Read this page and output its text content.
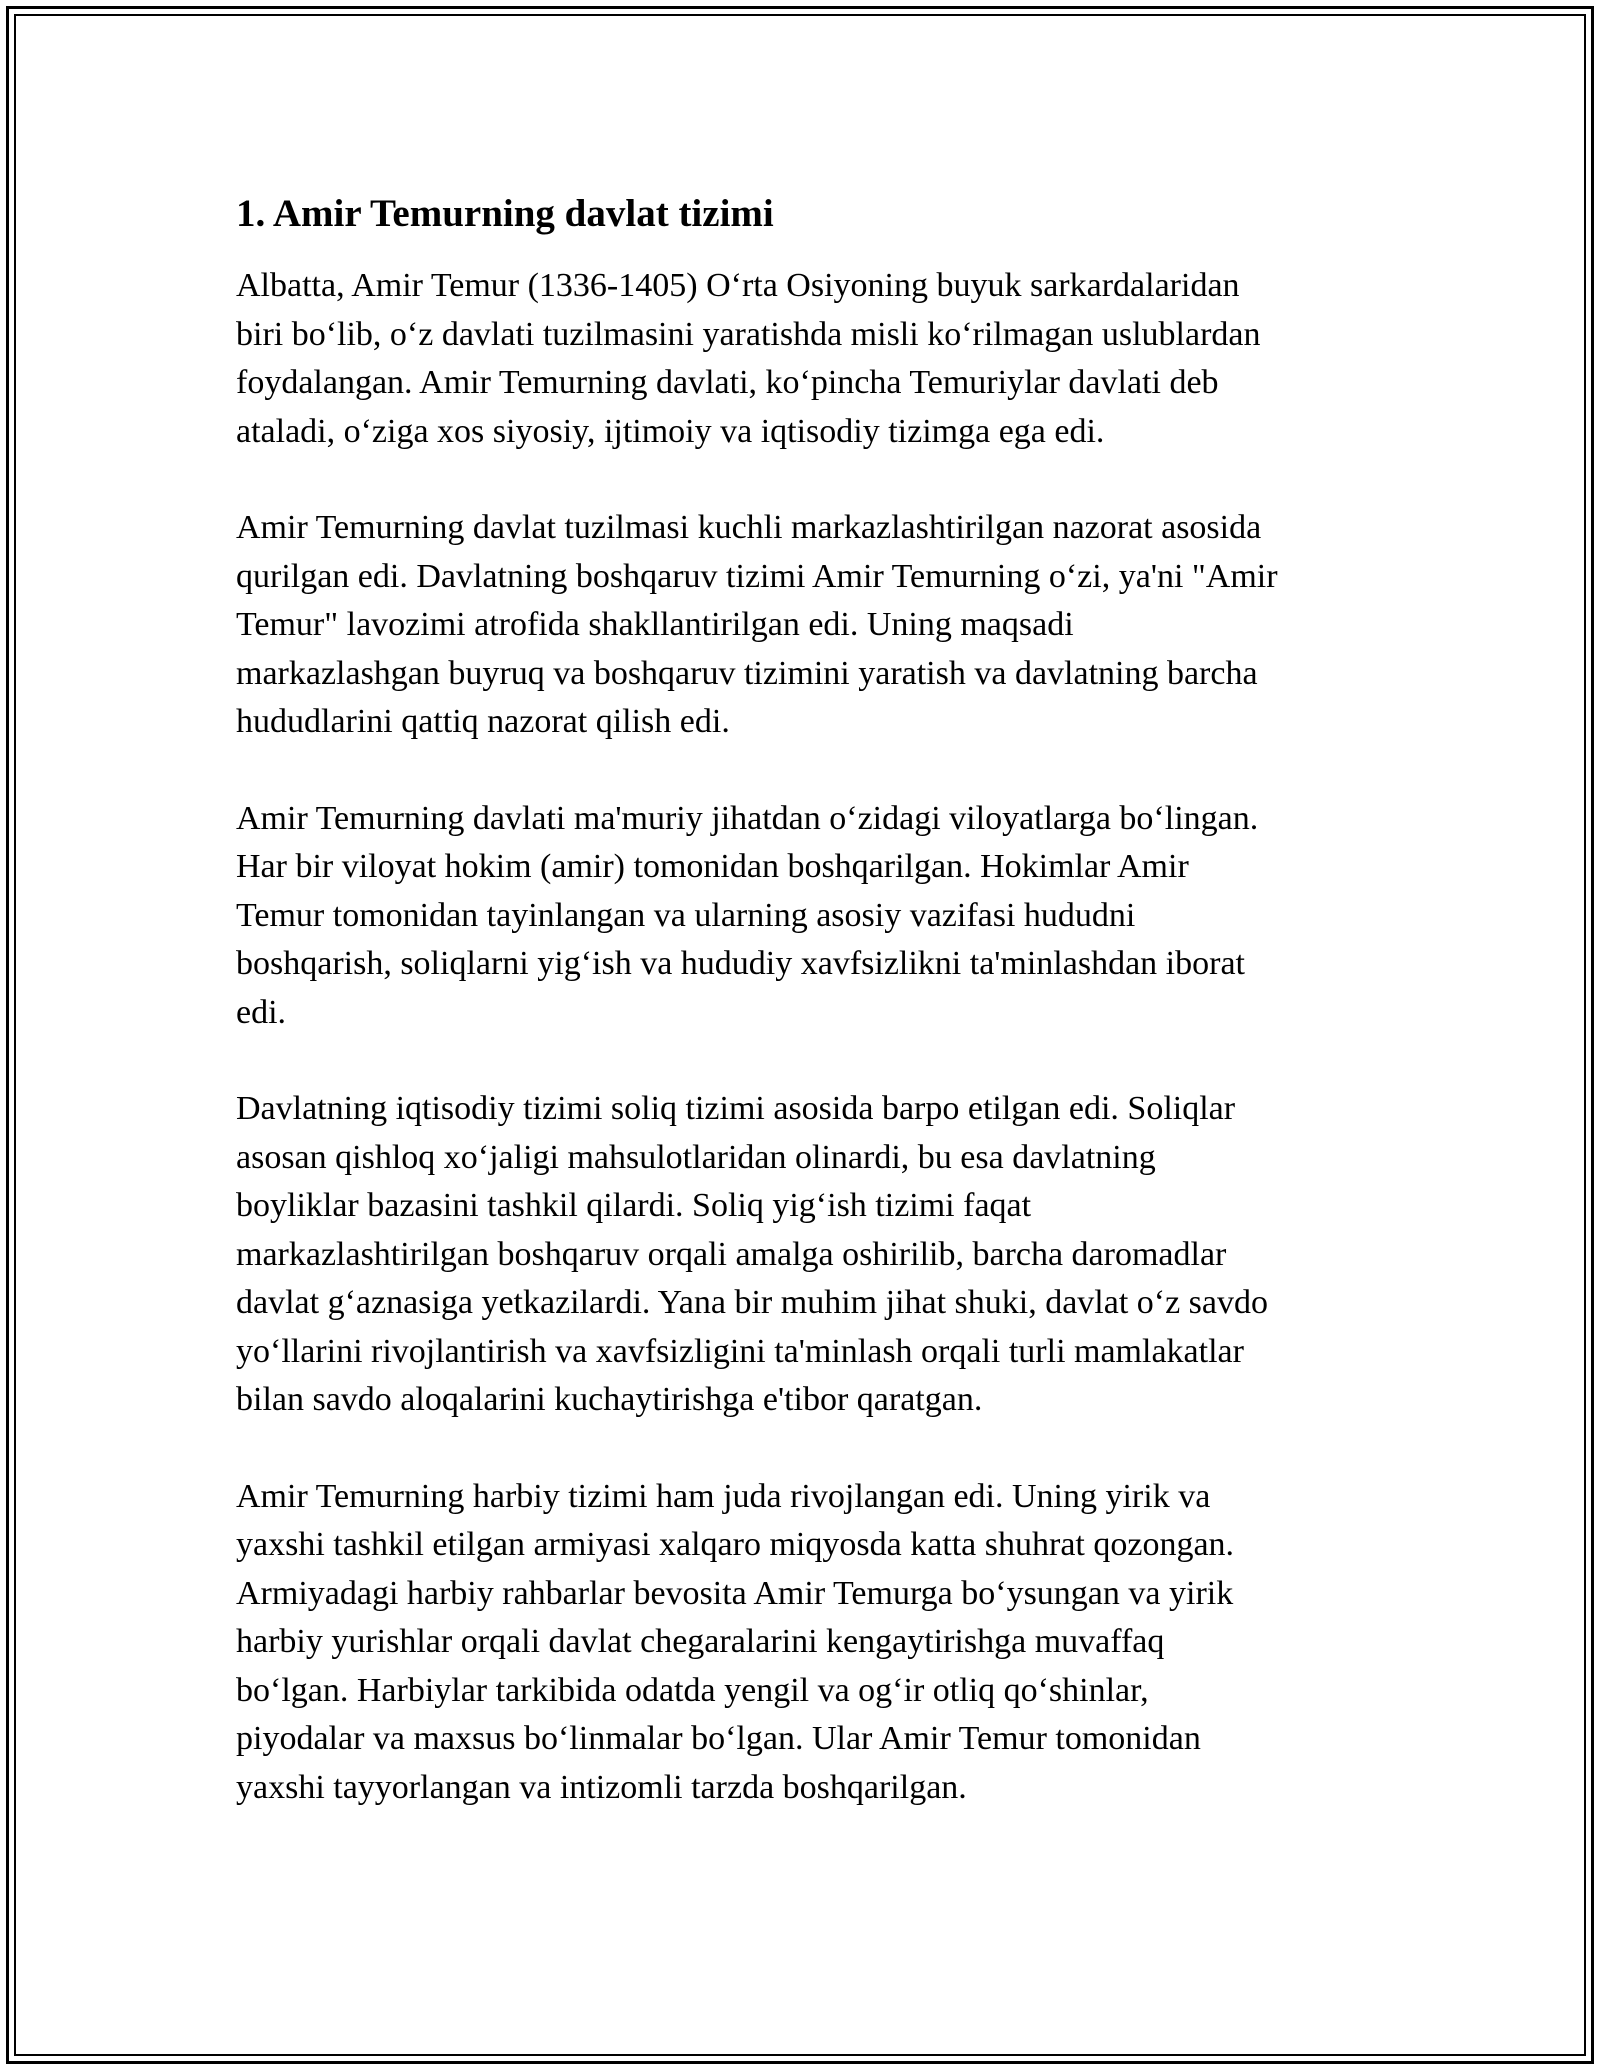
1. Amir Temurning davlat tizimi

Albatta, Amir Temur (1336-1405) O‘rta Osiyoning buyuk sarkardalaridan
biri bo‘lib, o‘z davlati tuzilmasini yaratishda misli ko‘rilmagan uslublardan
foydalangan. Amir Temurning davlati, ko‘pincha Temuriylar davlati deb
ataladi, o‘ziga xos siyosiy, ijtimoiy va iqtisodiy tizimga ega edi.

Amir Temurning davlat tuzilmasi kuchli markazlashtirilgan nazorat asosida
qurilgan edi. Davlatning boshqaruv tizimi Amir Temurning o‘zi, ya'ni "Amir
Temur" lavozimi atrofida shakllantirilgan edi. Uning maqsadi
markazlashgan buyruq va boshqaruv tizimini yaratish va davlatning barcha
hududlarini qattiq nazorat qilish edi.

Amir Temurning davlati ma'muriy jihatdan o‘zidagi viloyatlarga bo‘lingan.
Har bir viloyat hokim (amir) tomonidan boshqarilgan. Hokimlar Amir
Temur tomonidan tayinlangan va ularning asosiy vazifasi hududni
boshqarish, soliqlarni yig‘ish va hududiy xavfsizlikni ta'minlashdan iborat
edi.

Davlatning iqtisodiy tizimi soliq tizimi asosida barpo etilgan edi. Soliqlar
asosan qishloq xo‘jaligi mahsulotlaridan olinardi, bu esa davlatning
boyliklar bazasini tashkil qilardi. Soliq yig‘ish tizimi faqat
markazlashtirilgan boshqaruv orqali amalga oshirilib, barcha daromadlar
davlat g‘aznasiga yetkazilardi. Yana bir muhim jihat shuki, davlat o‘z savdo
yo‘llarini rivojlantirish va xavfsizligini ta'minlash orqali turli mamlakatlar
bilan savdo aloqalarini kuchaytirishga e'tibor qaratgan.

Amir Temurning harbiy tizimi ham juda rivojlangan edi. Uning yirik va
yaxshi tashkil etilgan armiyasi xalqaro miqyosda katta shuhrat qozongan.
Armiyadagi harbiy rahbarlar bevosita Amir Temurga bo‘ysungan va yirik
harbiy yurishlar orqali davlat chegaralarini kengaytirishga muvaffaq
bo‘lgan. Harbiylar tarkibida odatda yengil va og‘ir otliq qo‘shinlar,
piyodalar va maxsus bo‘linmalar bo‘lgan. Ular Amir Temur tomonidan
yaxshi tayyorlangan va intizomli tarzda boshqarilgan.
